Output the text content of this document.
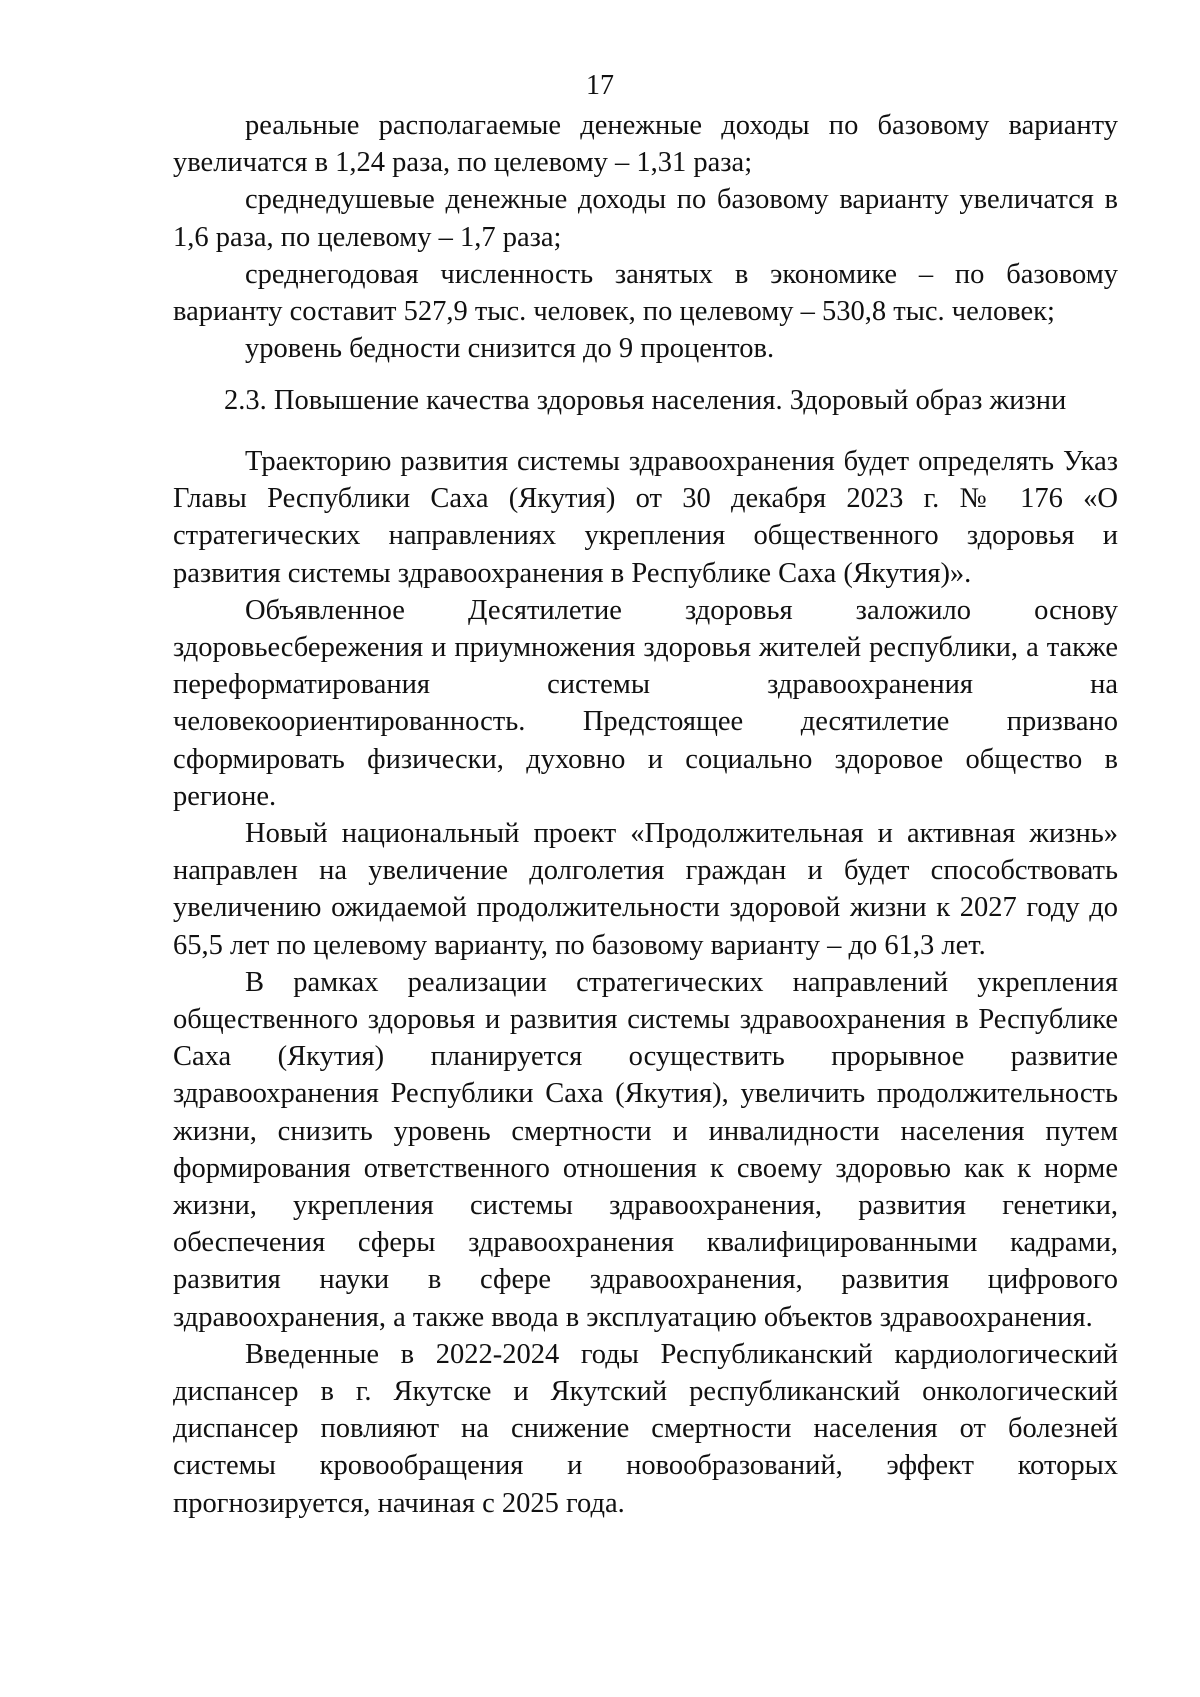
17

реальные располагаемые денежные доходы по базовому варианту увеличатся в 1,24 раза, по целевому – 1,31 раза;

среднедушевые денежные доходы по базовому варианту увеличатся в 1,6 раза, по целевому – 1,7 раза;

среднегодовая численность занятых в экономике – по базовому варианту составит 527,9 тыс. человек, по целевому – 530,8 тыс. человек;

уровень бедности снизится до 9 процентов.

2.3. Повышение качества здоровья населения. Здоровый образ жизни

Траекторию развития системы здравоохранения будет определять Указ Главы Республики Саха (Якутия) от 30 декабря 2023 г. № 176 «О стратегических направлениях укрепления общественного здоровья и развития системы здравоохранения в Республике Саха (Якутия)».

Объявленное Десятилетие здоровья заложило основу здоровьесбережения и приумножения здоровья жителей республики, а также переформатирования системы здравоохранения на человекоориентированность. Предстоящее десятилетие призвано сформировать физически, духовно и социально здоровое общество в регионе.

Новый национальный проект «Продолжительная и активная жизнь» направлен на увеличение долголетия граждан и будет способствовать увеличению ожидаемой продолжительности здоровой жизни к 2027 году до 65,5 лет по целевому варианту, по базовому варианту – до 61,3 лет.

В рамках реализации стратегических направлений укрепления общественного здоровья и развития системы здравоохранения в Республике Саха (Якутия) планируется осуществить прорывное развитие здравоохранения Республики Саха (Якутия), увеличить продолжительность жизни, снизить уровень смертности и инвалидности населения путем формирования ответственного отношения к своему здоровью как к норме жизни, укрепления системы здравоохранения, развития генетики, обеспечения сферы здравоохранения квалифицированными кадрами, развития науки в сфере здравоохранения, развития цифрового здравоохранения, а также ввода в эксплуатацию объектов здравоохранения.

Введенные в 2022-2024 годы Республиканский кардиологический диспансер в г. Якутске и Якутский республиканский онкологический диспансер повлияют на снижение смертности населения от болезней системы кровообращения и новообразований, эффект которых прогнозируется, начиная с 2025 года.
